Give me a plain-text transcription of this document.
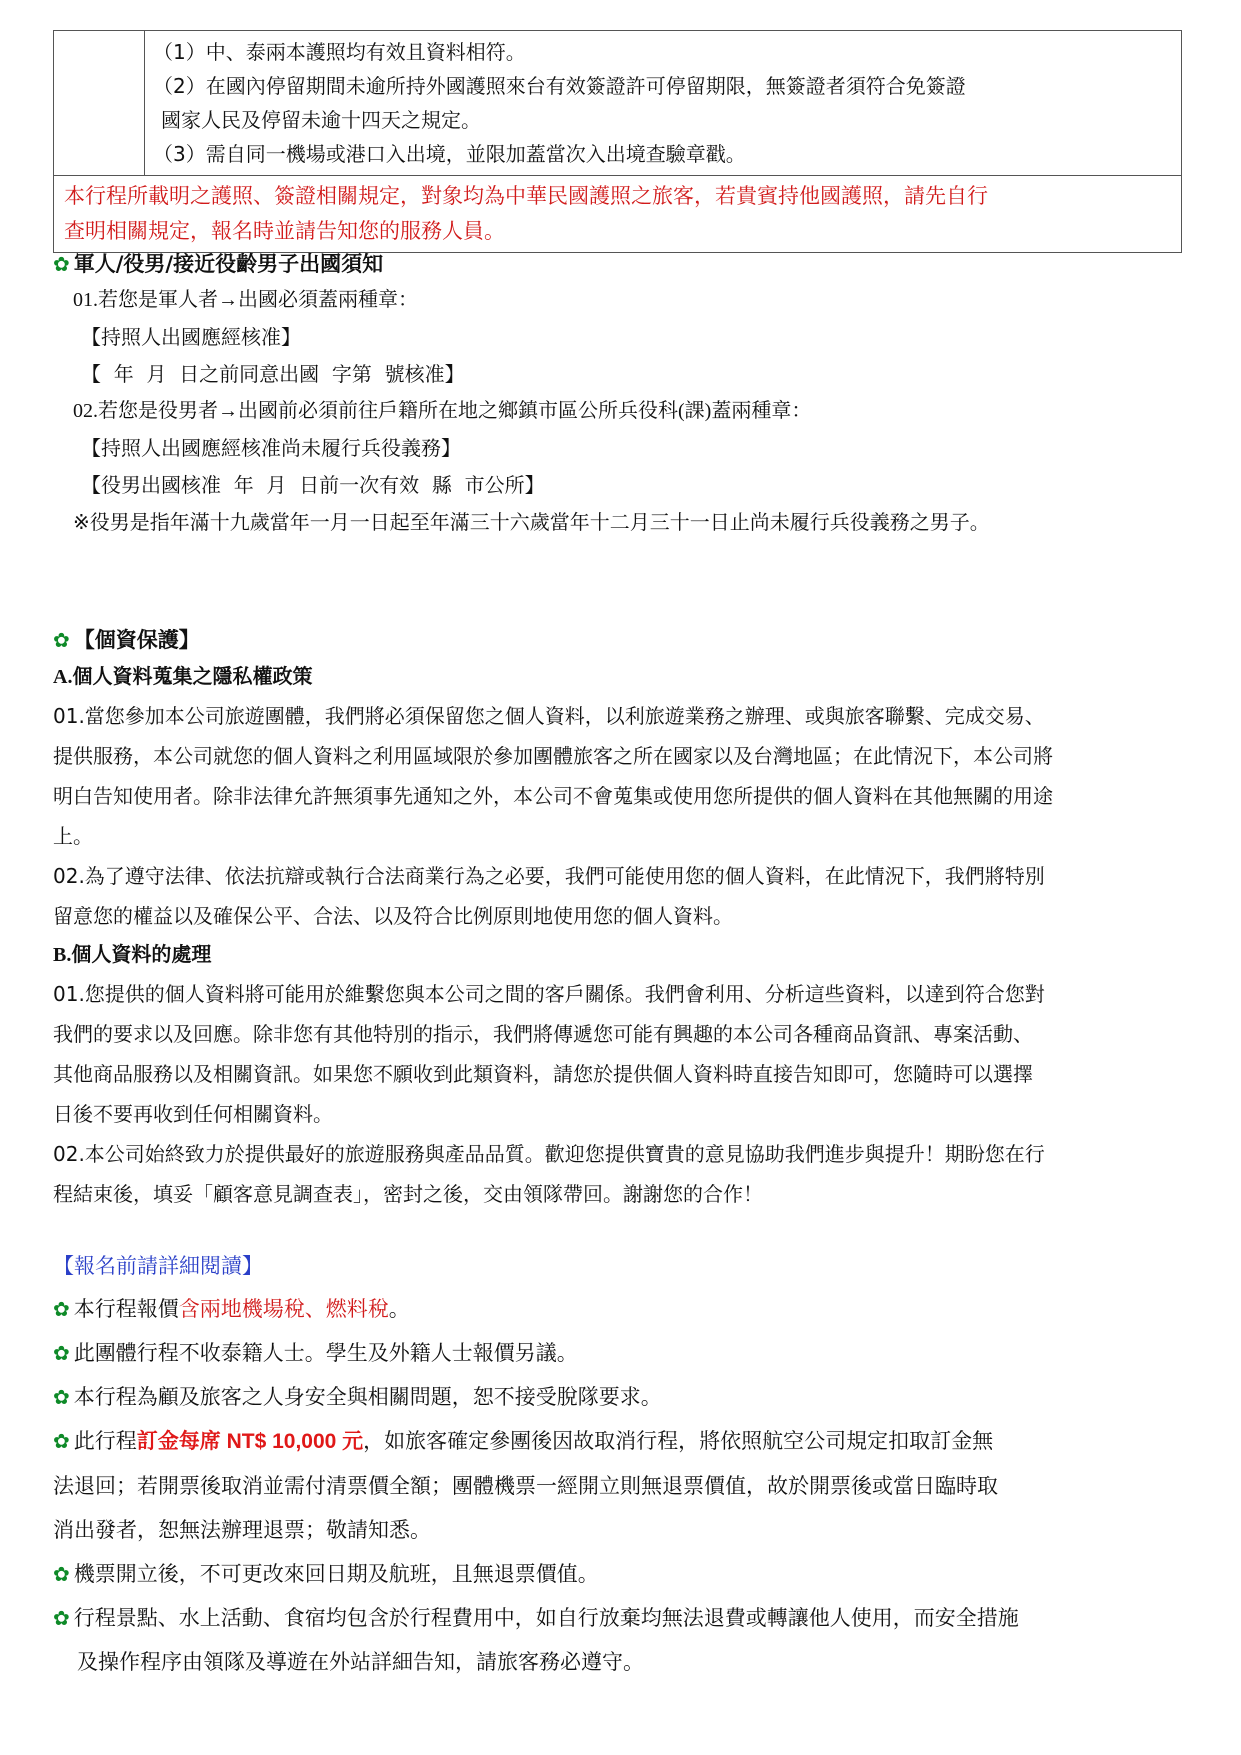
（1）中、泰兩本護照均有效且資料相符。
（2）在國內停留期間未逾所持外國護照來台有效簽證許可停留期限，無簽證者須符合免簽證
國家人民及停留未逾十四天之規定。
（3）需自同一機場或港口入出境，並限加蓋當次入出境查驗章戳。
本行程所載明之護照、簽證相關規定，對象均為中華民國護照之旅客，若貴賓持他國護照，請先自行
查明相關規定，報名時並請告知您的服務人員。
✿ 軍人/役男/接近役齡男子出國須知
01.若您是軍人者→出國必須蓋兩種章：
【持照人出國應經核准】
【  年  月  日之前同意出國  字第  號核准】
02.若您是役男者→出國前必須前往戶籍所在地之鄉鎮市區公所兵役科(課)蓋兩種章：
【持照人出國應經核准尚未履行兵役義務】
【役男出國核准  年  月  日前一次有效  縣  市公所】
※役男是指年滿十九歲當年一月一日起至年滿三十六歲當年十二月三十一日止尚未履行兵役義務之男子。
✿ 【個資保護】
A.個人資料蒐集之隱私權政策
01.當您參加本公司旅遊團體，我們將必須保留您之個人資料，以利旅遊業務之辦理、或與旅客聯繫、完成交易、
提供服務，本公司就您的個人資料之利用區域限於參加團體旅客之所在國家以及台灣地區；在此情況下，本公司將
明白告知使用者。除非法律允許無須事先通知之外，本公司不會蒐集或使用您所提供的個人資料在其他無關的用途
上。
02.為了遵守法律、依法抗辯或執行合法商業行為之必要，我們可能使用您的個人資料，在此情況下，我們將特別
留意您的權益以及確保公平、合法、以及符合比例原則地使用您的個人資料。
B.個人資料的處理
01.您提供的個人資料將可能用於維繫您與本公司之間的客戶關係。我們會利用、分析這些資料，以達到符合您對
我們的要求以及回應。除非您有其他特別的指示，我們將傳遞您可能有興趣的本公司各種商品資訊、專案活動、
其他商品服務以及相關資訊。如果您不願收到此類資料，請您於提供個人資料時直接告知即可，您隨時可以選擇
日後不要再收到任何相關資料。
02.本公司始終致力於提供最好的旅遊服務與產品品質。歡迎您提供寶貴的意見協助我們進步與提升！期盼您在行
程結束後，填妥「顧客意見調查表」，密封之後，交由領隊帶回。謝謝您的合作！
【報名前請詳細閱讀】
✿ 本行程報價含兩地機場稅、燃料稅。
✿ 此團體行程不收泰籍人士。學生及外籍人士報價另議。
✿ 本行程為顧及旅客之人身安全與相關問題，恕不接受脫隊要求。
✿ 此行程訂金每席 NT$ 10,000 元，如旅客確定參團後因故取消行程，將依照航空公司規定扣取訂金無
法退回；若開票後取消並需付清票價全額；團體機票一經開立則無退票價值，故於開票後或當日臨時取
消出發者，恕無法辦理退票；敬請知悉。
✿ 機票開立後，不可更改來回日期及航班，且無退票價值。
✿ 行程景點、水上活動、食宿均包含於行程費用中，如自行放棄均無法退費或轉讓他人使用，而安全措施
及操作程序由領隊及導遊在外站詳細告知，請旅客務必遵守。
